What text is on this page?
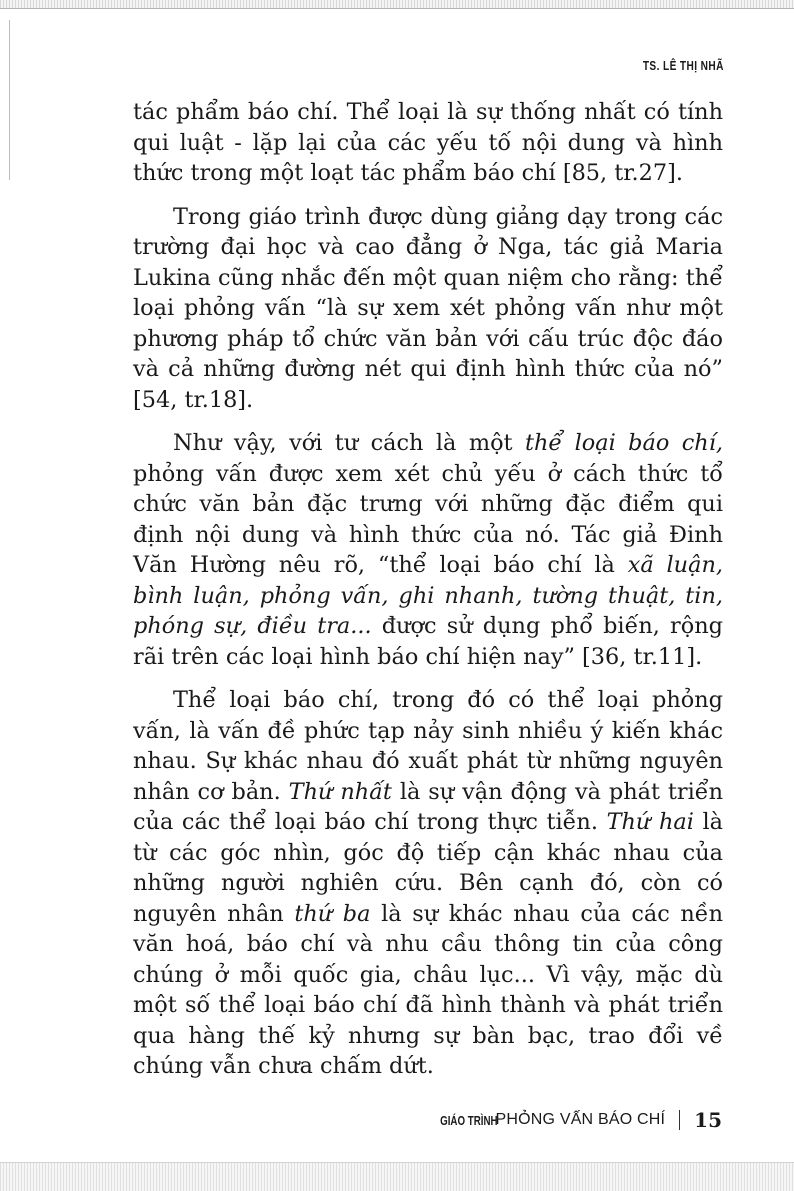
TS. LÊ THỊ NHÃ

tác phẩm báo chí. Thể loại là sự thống nhất có tính qui luật - lặp lại của các yếu tố nội dung và hình thức trong một loạt tác phẩm báo chí [85, tr.27].

Trong giáo trình được dùng giảng dạy trong các trường đại học và cao đẳng ở Nga, tác giả Maria Lukina cũng nhắc đến một quan niệm cho rằng: thể loại phỏng vấn “là sự xem xét phỏng vấn như một phương pháp tổ chức văn bản với cấu trúc độc đáo và cả những đường nét qui định hình thức của nó” [54, tr.18].

Như vậy, với tư cách là một thể loại báo chí, phỏng vấn được xem xét chủ yếu ở cách thức tổ chức văn bản đặc trưng với những đặc điểm qui định nội dung và hình thức của nó. Tác giả Đinh Văn Hường nêu rõ, “thể loại báo chí là xã luận, bình luận, phỏng vấn, ghi nhanh, tường thuật, tin, phóng sự, điều tra... được sử dụng phổ biến, rộng rãi trên các loại hình báo chí hiện nay” [36, tr.11].

Thể loại báo chí, trong đó có thể loại phỏng vấn, là vấn đề phức tạp nảy sinh nhiều ý kiến khác nhau. Sự khác nhau đó xuất phát từ những nguyên nhân cơ bản. Thứ nhất là sự vận động và phát triển của các thể loại báo chí trong thực tiễn. Thứ hai là từ các góc nhìn, góc độ tiếp cận khác nhau của những người nghiên cứu. Bên cạnh đó, còn có nguyên nhân thứ ba là sự khác nhau của các nền văn hoá, báo chí và nhu cầu thông tin của công chúng ở mỗi quốc gia, châu lục... Vì vậy, mặc dù một số thể loại báo chí đã hình thành và phát triển qua hàng thế kỷ nhưng sự bàn bạc, trao đổi về chúng vẫn chưa chấm dứt.

GIÁO TRÌNH
PHỎNG VẤN BÁO CHÍ 15
